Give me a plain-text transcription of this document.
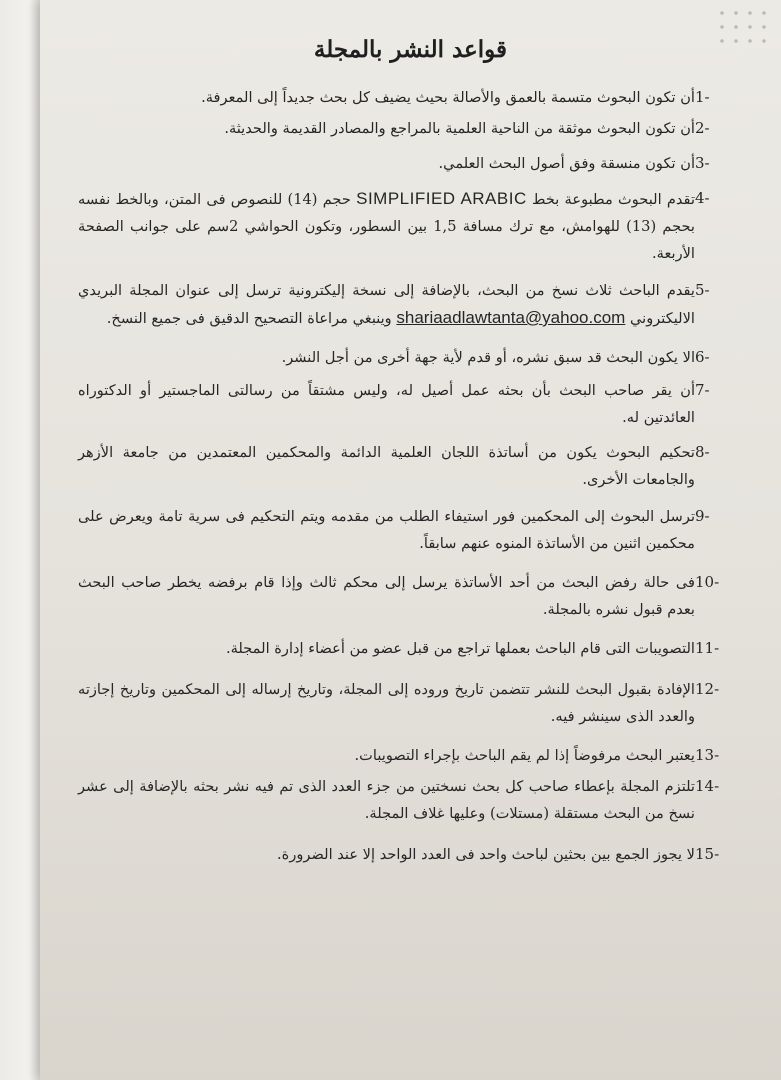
قواعد النشر بالمجلة
1-
أن تكون البحوث متسمة بالعمق والأصالة بحيث يضيف كل بحث جديداً إلى المعرفة.
2-
أن تكون البحوث موثقة من الناحية العلمية بالمراجع والمصادر القديمة والحديثة.
3-
أن تكون منسقة وفق أصول البحث العلمي.
4-
تقدم البحوث مطبوعة بخط SIMPLIFIED ARABIC حجم (14) للنصوص فى المتن، وبالخط نفسه بحجم (13) للهوامش، مع ترك مسافة 1,5 بين السطور، وتكون الحواشي 2سم على جوانب الصفحة الأربعة.
5-
يقدم الباحث ثلاث نسخ من البحث، بالإضافة إلى نسخة إليكترونية ترسل إلى عنوان المجلة البريدي الاليكتروني shariaadlawtanta@yahoo.com وينبغي مراعاة التصحيح الدقيق فى جميع النسخ.
6-
الا يكون البحث قد سبق نشره، أو قدم لأية جهة أخرى من أجل النشر.
7-
أن يقر صاحب البحث بأن بحثه عمل أصيل له، وليس مشتقاً من رسالتى الماجستير أو الدكتوراه العائدتين له.
8-
تحكيم البحوث يكون من أساتذة اللجان العلمية الدائمة والمحكمين المعتمدين من جامعة الأزهر والجامعات الأخرى.
9-
ترسل البحوث إلى المحكمين فور استيفاء الطلب من مقدمه ويتم التحكيم فى سرية تامة ويعرض على محكمين اثنين من الأساتذة المنوه عنهم سابقاً.
10-
فى حالة رفض البحث من أحد الأساتذة يرسل إلى محكم ثالث وإذا قام برفضه يخطر صاحب البحث بعدم قبول نشره بالمجلة.
11-
التصويبات التى قام الباحث بعملها تراجع من قبل عضو من أعضاء إدارة المجلة.
12-
الإفادة بقبول البحث للنشر تتضمن تاريخ وروده إلى المجلة، وتاريخ إرساله إلى المحكمين وتاريخ إجازته والعدد الذى سينشر فيه.
13-
يعتبر البحث مرفوضاً إذا لم يقم الباحث بإجراء التصويبات.
14-
تلتزم المجلة بإعطاء صاحب كل بحث نسختين من جزء العدد الذى تم فيه نشر بحثه بالإضافة إلى عشر نسخ من البحث مستقلة (مستلات) وعليها غلاف المجلة.
15-
لا يجوز الجمع بين بحثين لباحث واحد فى العدد الواحد إلا عند الضرورة.
